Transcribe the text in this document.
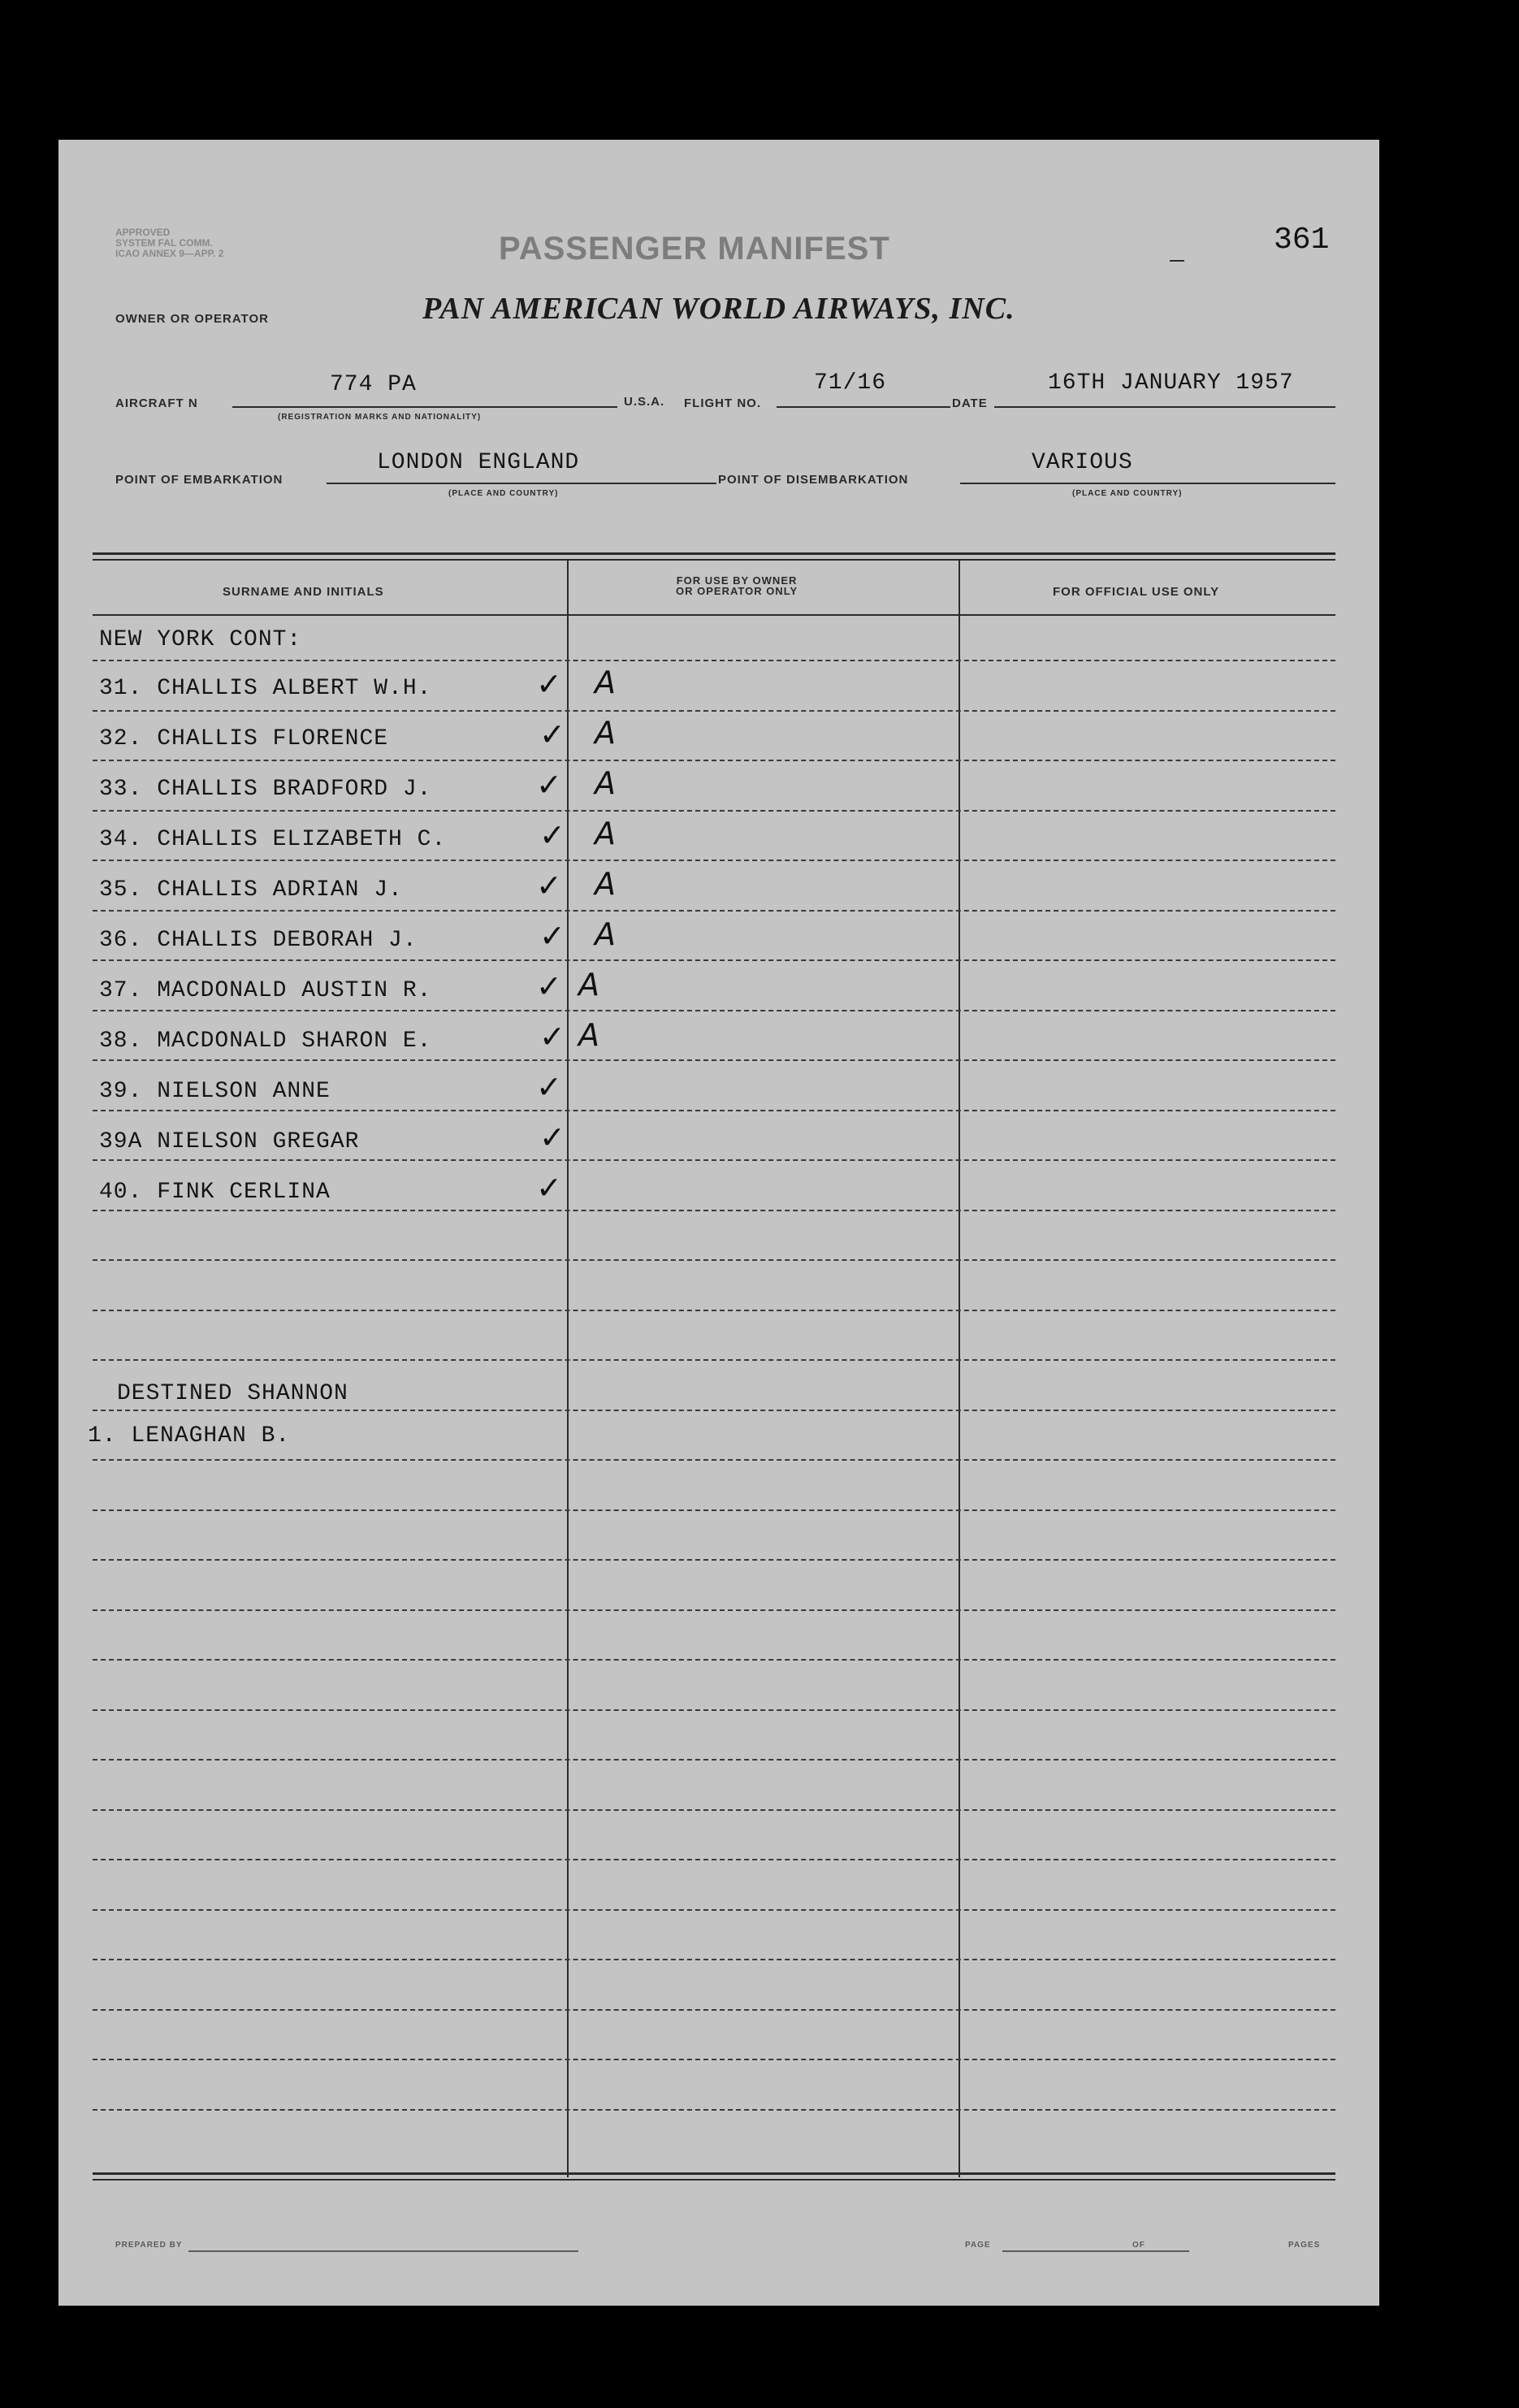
APPROVED
SYSTEM FAL COMM.
ICAO ANNEX 9—APP. 2	PASSENGER MANIFEST	361
OWNER OR OPERATOR	PAN AMERICAN WORLD AIRWAYS, INC.
AIRCRAFT N
774 PA
(REGISTRATION MARKS AND NATIONALITY)
U.S.A. FLIGHT NO.
71/16
DATE
16TH JANUARY 1957
POINT OF EMBARKATION
LONDON ENGLAND
(PLACE AND COUNTRY)
POINT OF DISEMBARKATION
VARIOUS
(PLACE AND COUNTRY)
SURNAME AND INITIALS
FOR USE BY OWNER
OR OPERATOR ONLY	FOR OFFICIAL USE ONLY
NEW YORK CONT:
31. CHALLIS ALBERT W.H.	✓ A
32. CHALLIS FLORENCE	✓ A
33. CHALLIS BRADFORD J.	✓ A
34. CHALLIS ELIZABETH C.	✓ A
35. CHALLIS ADRIAN J.	✓ A
36. CHALLIS DEBORAH J.	✓ A
37. MACDONALD AUSTIN R.	✓ A
38. MACDONALD SHARON E.	✓ A
39. NIELSON ANNE	✓
39A NIELSON GREGAR	✓
40. FINK CERLINA	✓
DESTINED SHANNON
1. LENAGHAN B.
PREPARED BY	PAGE	OF	PAGES
